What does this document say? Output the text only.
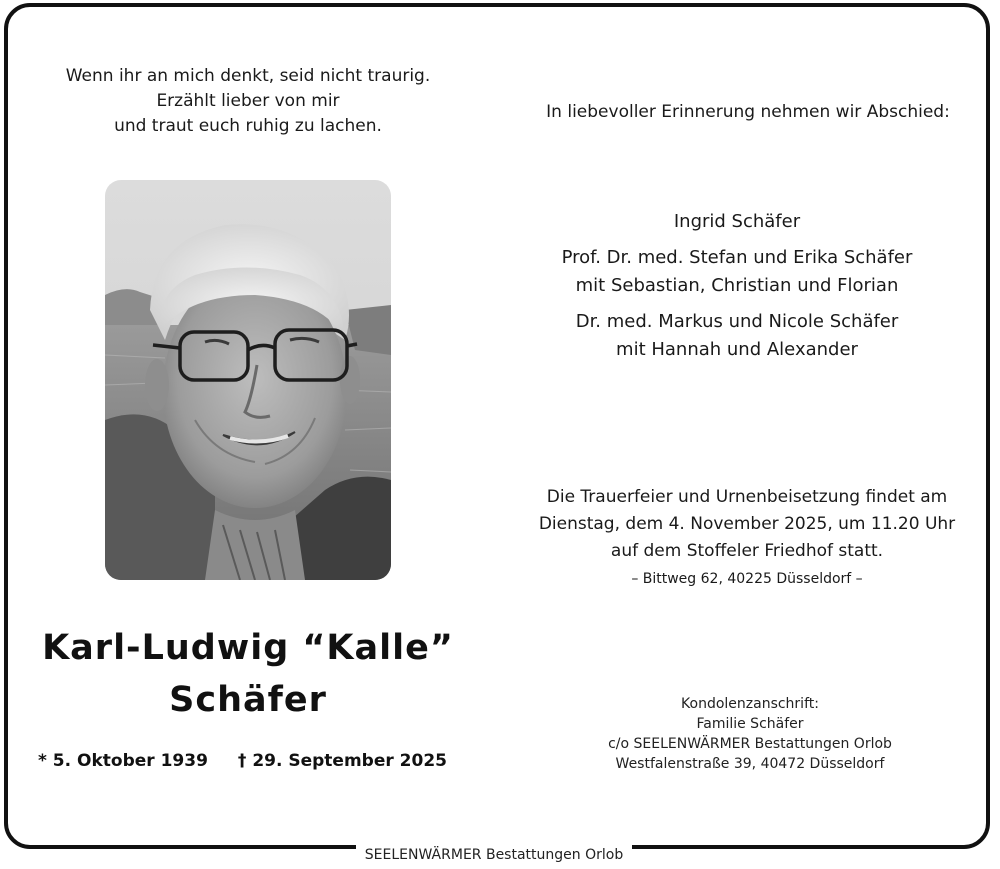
SEELENWÄRMER Bestattungen Orlob
Wenn ihr an mich denkt, seid nicht traurig.
Erzählt lieber von mir
und traut euch ruhig zu lachen.
In liebevoller Erinnerung nehmen wir Abschied:
Ingrid Schäfer
Prof. Dr. med. Stefan und Erika Schäfer
mit Sebastian, Christian und Florian
Dr. med. Markus und Nicole Schäfer
mit Hannah und Alexander
Die Trauerfeier und Urnenbeisetzung findet am
Dienstag, dem 4. November 2025, um 11.20 Uhr
auf dem Stoffeler Friedhof statt.
– Bittweg 62, 40225 Düsseldorf –
Karl-Ludwig “Kalle”
Schäfer
* 5. Oktober 1939 † 29. September 2025
Kondolenzanschrift:
Familie Schäfer
c/o SEELENWÄRMER Bestattungen Orlob
Westfalenstraße 39, 40472 Düsseldorf
